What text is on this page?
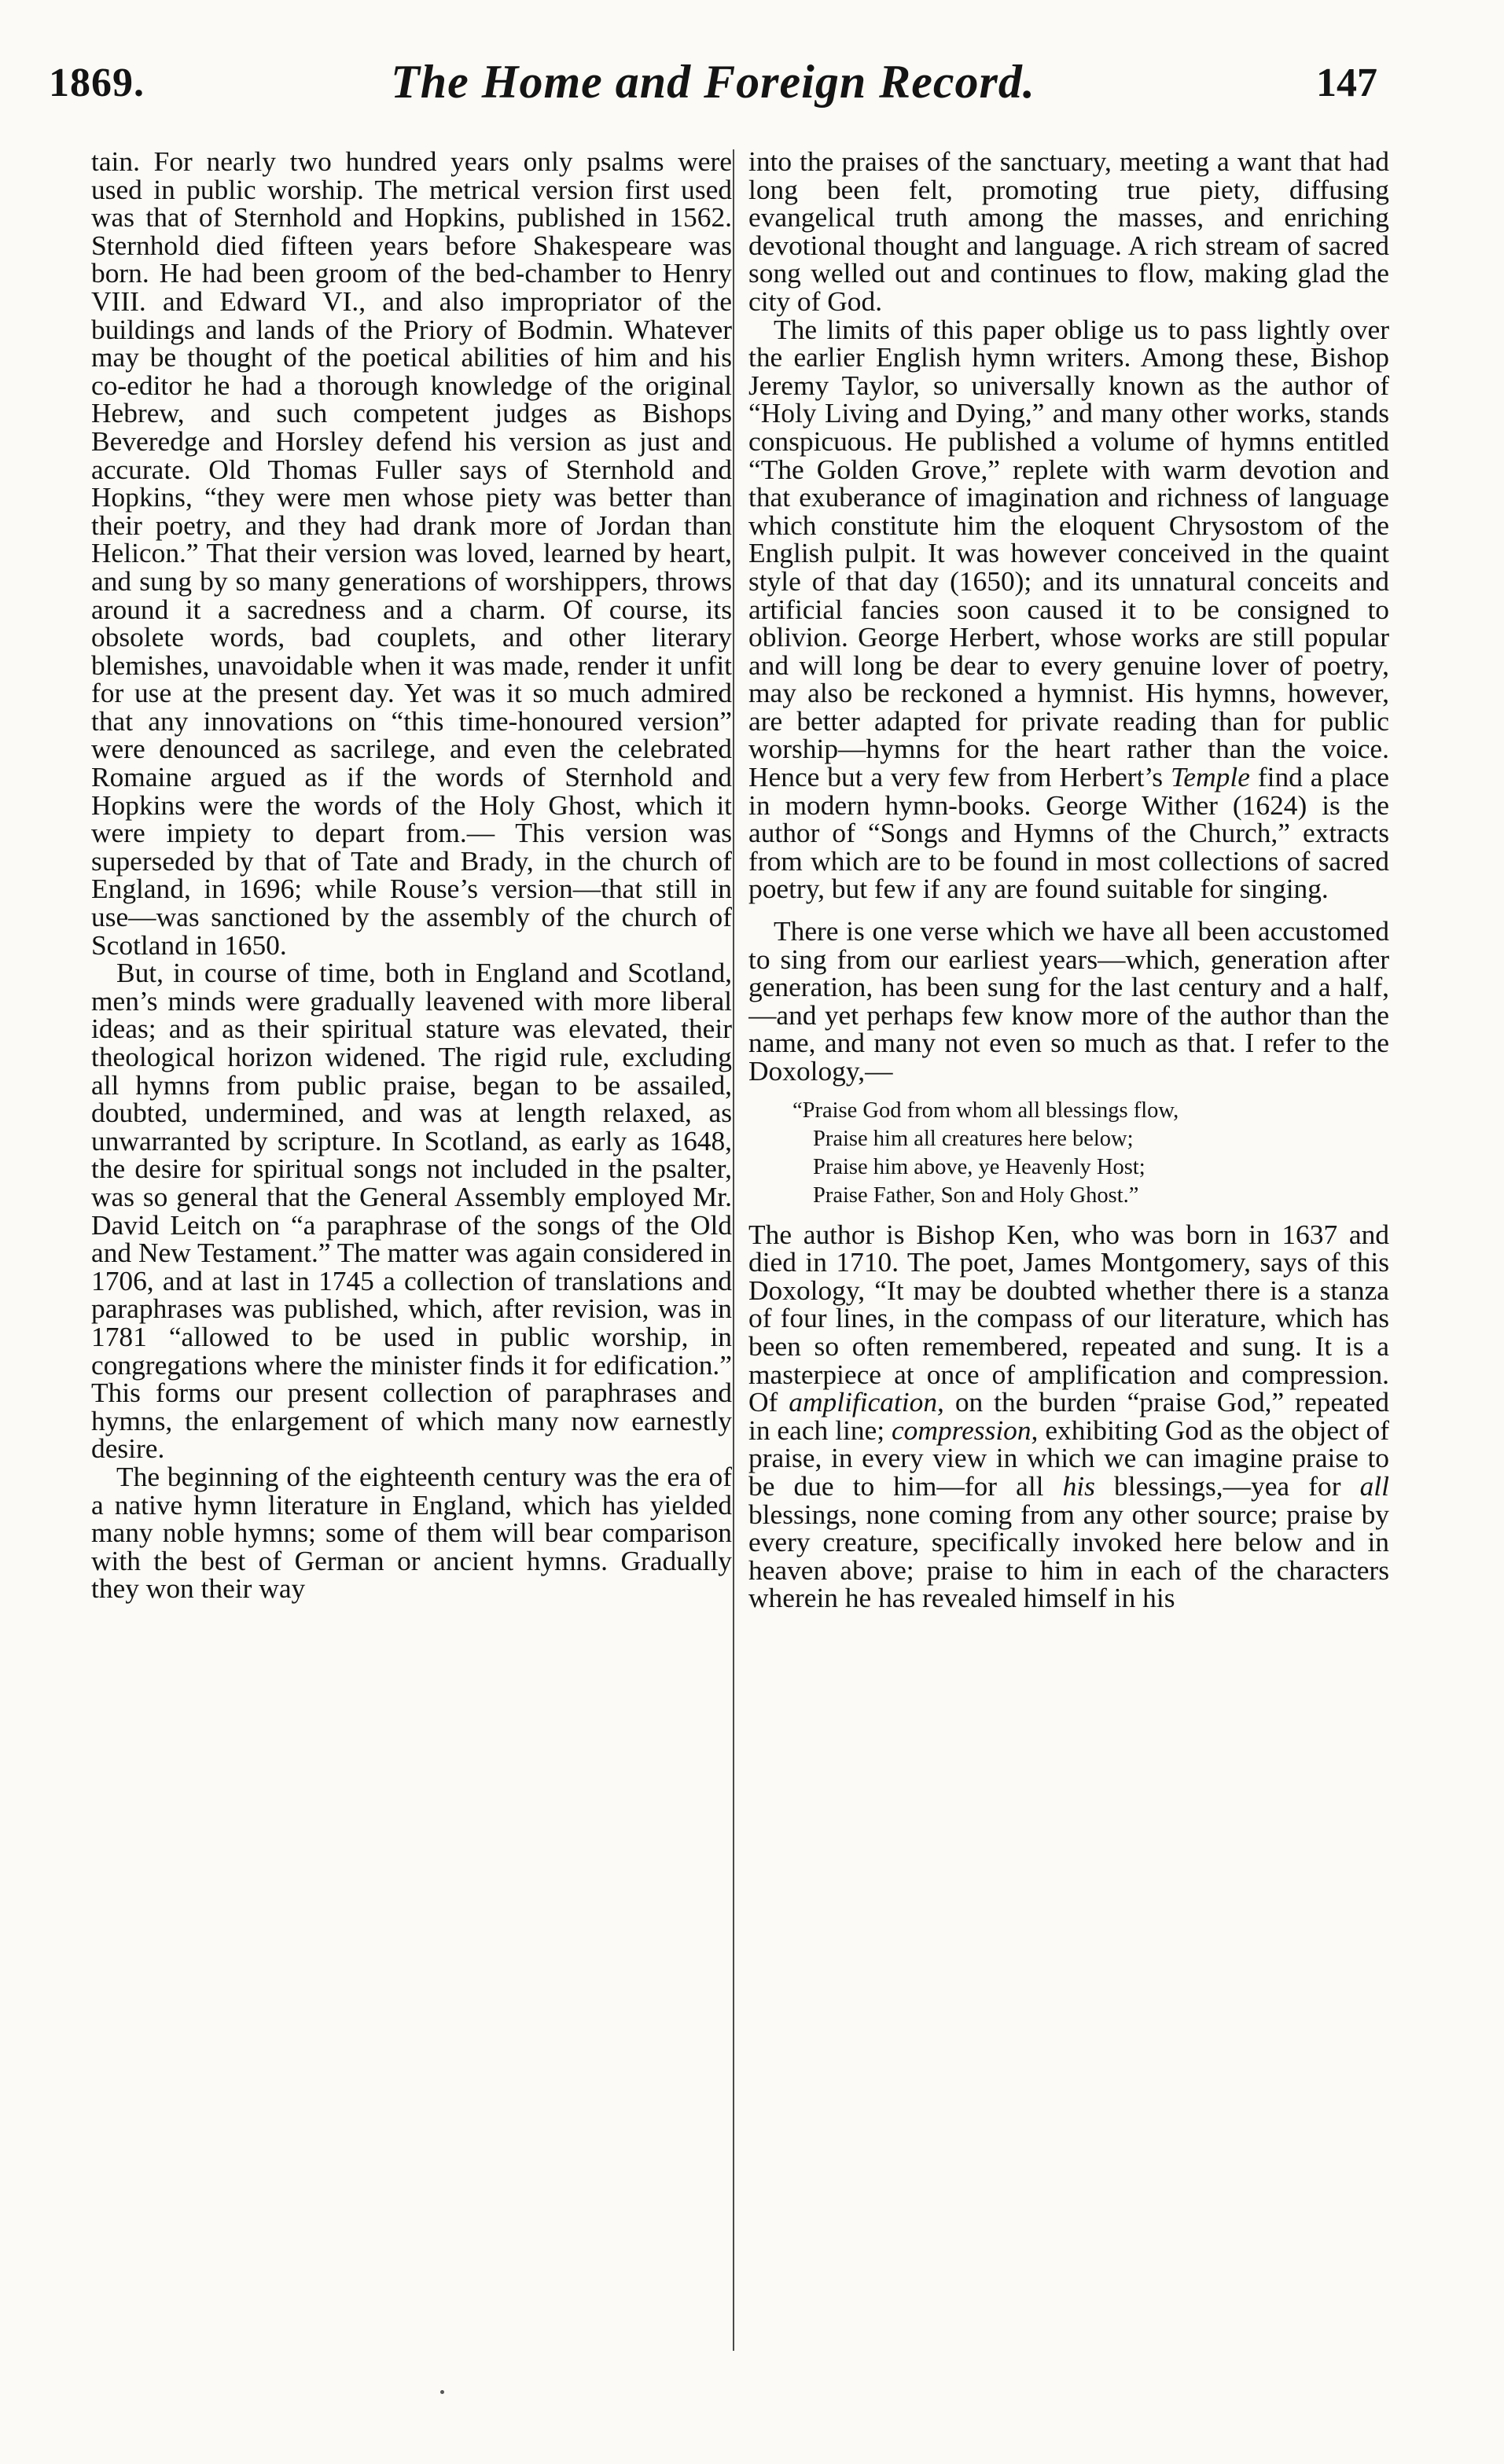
1869.	The Home and Foreign Record.	147

tain. For nearly two hundred years only psalms were used in public worship. The metrical version first used was that of Sternhold and Hopkins, published in 1562. Sternhold died fifteen years before Shakespeare was born. He had been groom of the bed-chamber to Henry VIII. and Edward VI., and also impropriator of the buildings and lands of the Priory of Bodmin. Whatever may be thought of the poetical abilities of him and his co-editor he had a thorough knowledge of the original Hebrew, and such competent judges as Bishops Beveredge and Horsley defend his version as just and accurate. Old Thomas Fuller says of Sternhold and Hopkins, “they were men whose piety was better than their poetry, and they had drank more of Jordan than Helicon.” That their version was loved, learned by heart, and sung by so many generations of worshippers, throws around it a sacredness and a charm. Of course, its obsolete words, bad couplets, and other literary blemishes, unavoidable when it was made, render it unfit for use at the present day. Yet was it so much admired that any innovations on “this time-honoured version” were denounced as sacrilege, and even the celebrated Romaine argued as if the words of Sternhold and Hopkins were the words of the Holy Ghost, which it were impiety to depart from.— This version was superseded by that of Tate and Brady, in the church of England, in 1696; while Rouse’s version—that still in use—was sanctioned by the assembly of the church of Scotland in 1650.

But, in course of time, both in England and Scotland, men’s minds were gradually leavened with more liberal ideas; and as their spiritual stature was elevated, their theological horizon widened. The rigid rule, excluding all hymns from public praise, began to be assailed, doubted, undermined, and was at length relaxed, as unwarranted by scripture. In Scotland, as early as 1648, the desire for spiritual songs not included in the psalter, was so general that the General Assembly employed Mr. David Leitch on “a paraphrase of the songs of the Old and New Testament.” The matter was again considered in 1706, and at last in 1745 a collection of translations and paraphrases was published, which, after revision, was in 1781 “allowed to be used in public worship, in congregations where the minister finds it for edification.” This forms our present collection of paraphrases and hymns, the enlargement of which many now earnestly desire.

The beginning of the eighteenth century was the era of a native hymn literature in England, which has yielded many noble hymns; some of them will bear comparison with the best of German or ancient hymns. Gradually they won their way

into the praises of the sanctuary, meeting a want that had long been felt, promoting true piety, diffusing evangelical truth among the masses, and enriching devotional thought and language. A rich stream of sacred song welled out and continues to flow, making glad the city of God.

The limits of this paper oblige us to pass lightly over the earlier English hymn writers. Among these, Bishop Jeremy Taylor, so universally known as the author of “Holy Living and Dying,” and many other works, stands conspicuous. He published a volume of hymns entitled “The Golden Grove,” replete with warm devotion and that exuberance of imagination and richness of language which constitute him the eloquent Chrysostom of the English pulpit. It was however conceived in the quaint style of that day (1650); and its unnatural conceits and artificial fancies soon caused it to be consigned to oblivion. George Herbert, whose works are still popular and will long be dear to every genuine lover of poetry, may also be reckoned a hymnist. His hymns, however, are better adapted for private reading than for public worship—hymns for the heart rather than the voice. Hence but a very few from Herbert’s Temple find a place in modern hymn-books. George Wither (1624) is the author of “Songs and Hymns of the Church,” extracts from which are to be found in most collections of sacred poetry, but few if any are found suitable for singing.

There is one verse which we have all been accustomed to sing from our earliest years—which, generation after generation, has been sung for the last century and a half,—and yet perhaps few know more of the author than the name, and many not even so much as that. I refer to the Doxology,—

“Praise God from whom all blessings flow,
Praise him all creatures here below;
Praise him above, ye Heavenly Host;
Praise Father, Son and Holy Ghost.”

The author is Bishop Ken, who was born in 1637 and died in 1710. The poet, James Montgomery, says of this Doxology, “It may be doubted whether there is a stanza of four lines, in the compass of our literature, which has been so often remembered, repeated and sung. It is a masterpiece at once of amplification and compression. Of amplification, on the burden “praise God,” repeated in each line; compression, exhibiting God as the object of praise, in every view in which we can imagine praise to be due to him—for all his blessings,—yea for all blessings, none coming from any other source; praise by every creature, specifically invoked here below and in heaven above; praise to him in each of the characters wherein he has revealed himself in his
